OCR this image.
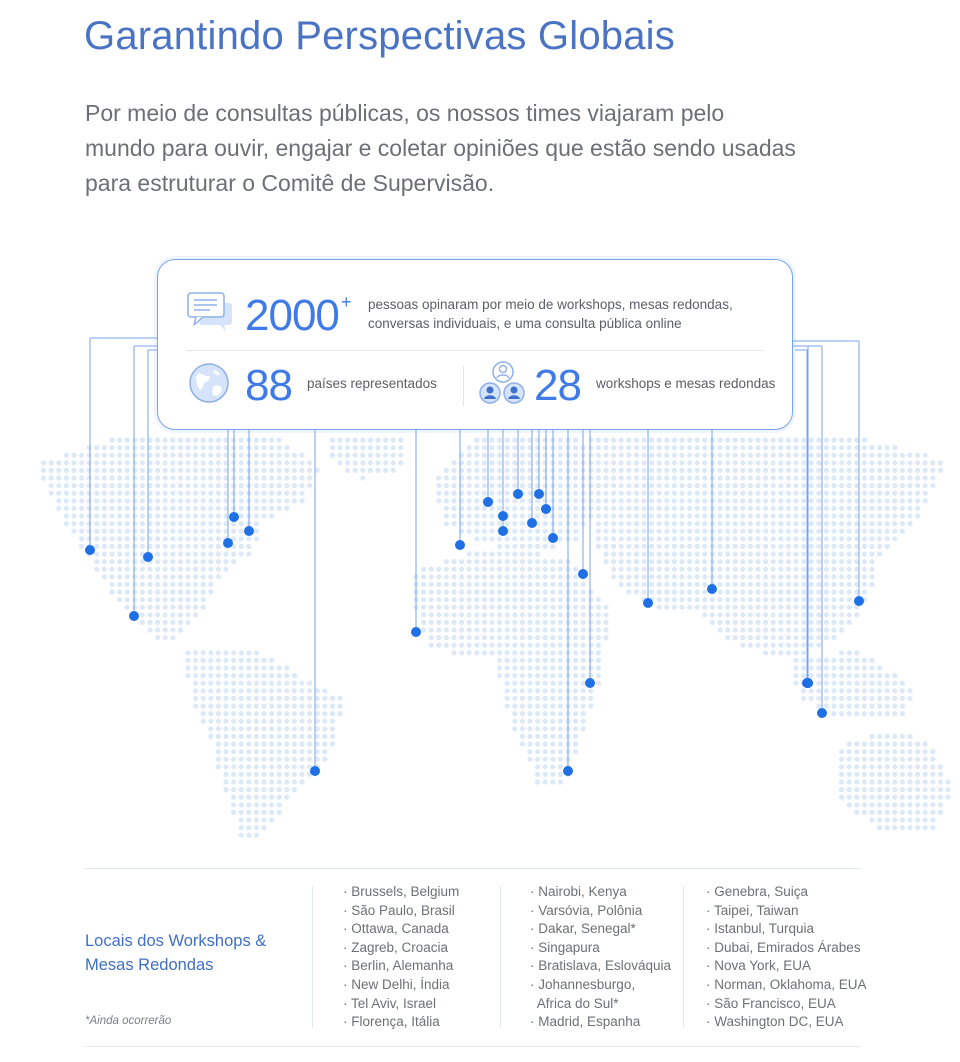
Garantindo Perspectivas Globais
Por meio de consultas públicas, os nossos times viajaram pelo
mundo para ouvir, engajar e coletar opiniões que estão sendo usadas
para estruturar o Comitê de Supervisão.
2000 + pessoas opinaram por meio de workshops, mesas redondas,
conversas individuais, e uma consulta pública online
88 países representados 28 workshops e mesas redondas
Locais dos Workshops &
Mesas Redondas
*Ainda ocorrerão
· Brussels, Belgium
· São Paulo, Brasil
· Ottawa, Canada
· Zagreb, Croacia
· Berlin, Alemanha
· New Delhi, Índia
· Tel Aviv, Israel
· Florença, Itália
· Nairobi, Kenya
· Varsóvia, Polônia
· Dakar, Senegal*
· Singapura
· Bratislava, Eslováquia
· Johannesburgo,
Africa do Sul*
· Madrid, Espanha
· Genebra, Suiça
· Taipei, Taiwan
· Istanbul, Turquia
· Dubai, Emirados Árabes
· Nova York, EUA
· Norman, Oklahoma, EUA
· São Francisco, EUA
· Washington DC, EUA
